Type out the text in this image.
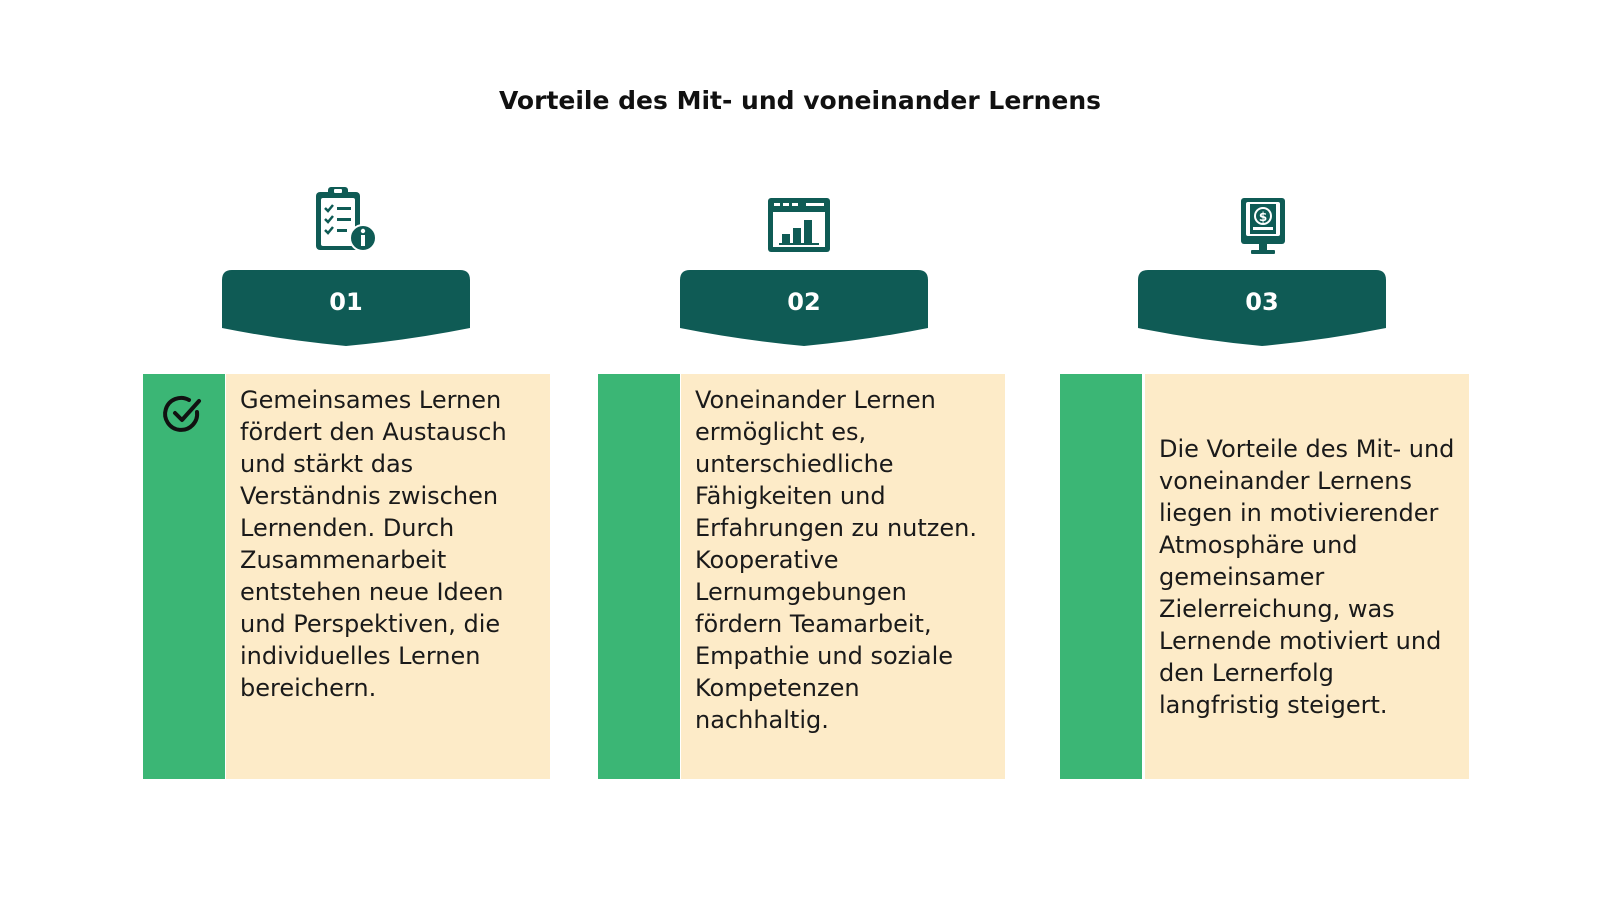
Vorteile des Mit- und voneinander Lernens
01
Gemeinsames Lernen fördert den Austausch und stärkt das Verständnis zwischen Lernenden. Durch Zusammenarbeit entstehen neue Ideen und Perspektiven, die individuelles Lernen bereichern.
02
Voneinander Lernen ermöglicht es, unterschiedliche Fähigkeiten und Erfahrungen zu nutzen. Kooperative Lernumgebungen fördern Teamarbeit, Empathie und soziale Kompetenzen nachhaltig.
$
03
Die Vorteile des Mit- und voneinander Lernens liegen in motivierender Atmosphäre und gemeinsamer Zielerreichung, was Lernende motiviert und den Lernerfolg langfristig steigert.
